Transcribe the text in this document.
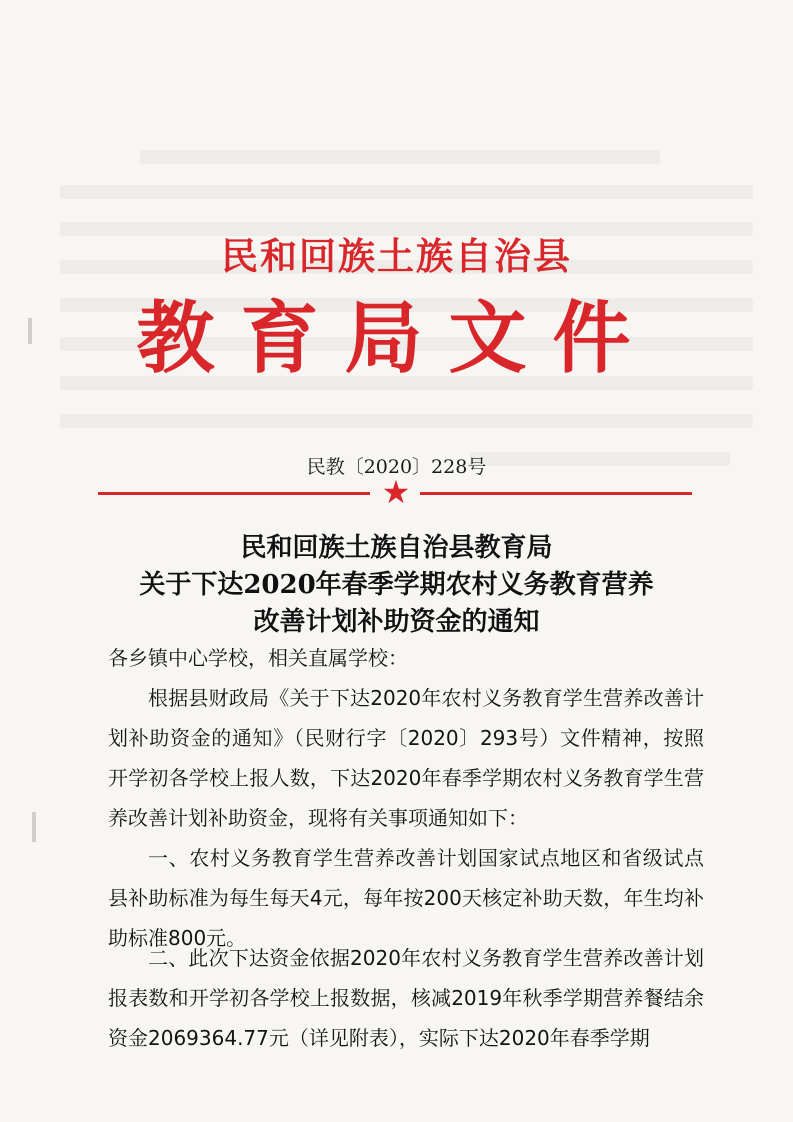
民和回族土族自治县
教育局文件
民教〔2020〕228号
★
民和回族土族自治县教育局
关于下达2020年春季学期农村义务教育营养
改善计划补助资金的通知
各乡镇中心学校，相关直属学校：
根据县财政局《关于下达2020年农村义务教育学生营养改善计划补助资金的通知》（民财行字〔2020〕293号）文件精神，按照开学初各学校上报人数，下达2020年春季学期农村义务教育学生营养改善计划补助资金，现将有关事项通知如下：
一、农村义务教育学生营养改善计划国家试点地区和省级试点县补助标准为每生每天4元，每年按200天核定补助天数，年生均补助标准800元。
二、此次下达资金依据2020年农村义务教育学生营养改善计划报表数和开学初各学校上报数据，核减2019年秋季学期营养餐结余资金2069364.77元（详见附表），实际下达2020年春季学期
